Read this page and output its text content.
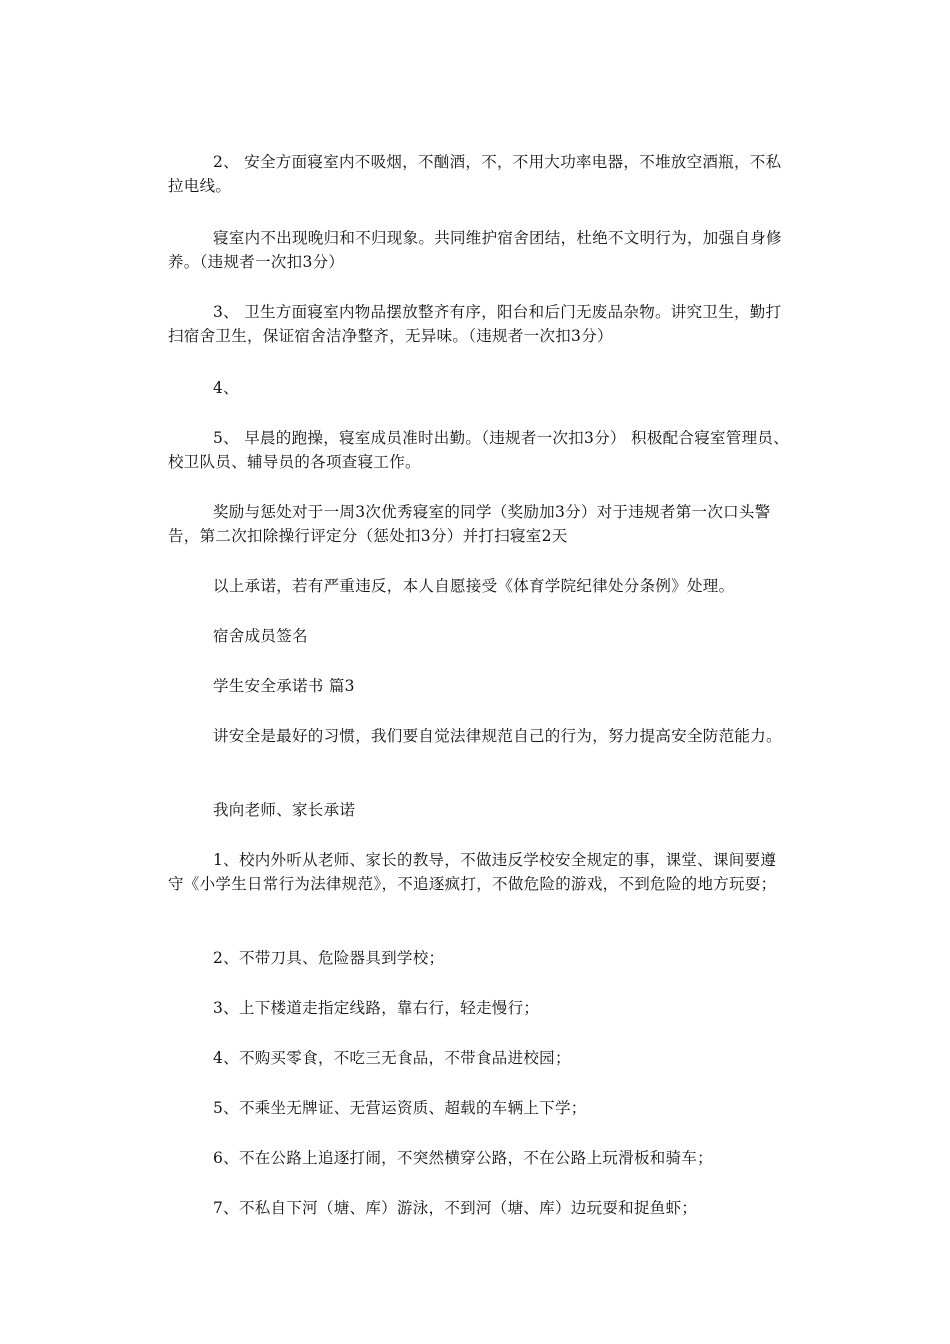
2、 安全方面寝室内不吸烟，不酗酒，不，不用大功率电器，不堆放空酒瓶，不私拉电线。

寝室内不出现晚归和不归现象。共同维护宿舍团结，杜绝不文明行为，加强自身修养。（违规者一次扣3分）

3、 卫生方面寝室内物品摆放整齐有序，阳台和后门无废品杂物。讲究卫生，勤打扫宿舍卫生，保证宿舍洁净整齐，无异味。（违规者一次扣3分）

4、

5、 早晨的跑操，寝室成员准时出勤。（违规者一次扣3分） 积极配合寝室管理员、校卫队员、辅导员的各项查寝工作。

奖励与惩处对于一周3次优秀寝室的同学（奖励加3分）对于违规者第一次口头警告，第二次扣除操行评定分（惩处扣3分）并打扫寝室2天

以上承诺，若有严重违反，本人自愿接受《体育学院纪律处分条例》处理。

宿舍成员签名

学生安全承诺书 篇3

讲安全是最好的习惯，我们要自觉法律规范自己的行为，努力提高安全防范能力。

我向老师、家长承诺

1、校内外听从老师、家长的教导，不做违反学校安全规定的事，课堂、课间要遵守《小学生日常行为法律规范》，不追逐疯打，不做危险的游戏，不到危险的地方玩耍；

2、不带刀具、危险器具到学校；

3、上下楼道走指定线路，靠右行，轻走慢行；

4、不购买零食，不吃三无食品，不带食品进校园；

5、不乘坐无牌证、无营运资质、超载的车辆上下学；

6、不在公路上追逐打闹，不突然横穿公路，不在公路上玩滑板和骑车；

7、不私自下河（塘、库）游泳，不到河（塘、库）边玩耍和捉鱼虾；
